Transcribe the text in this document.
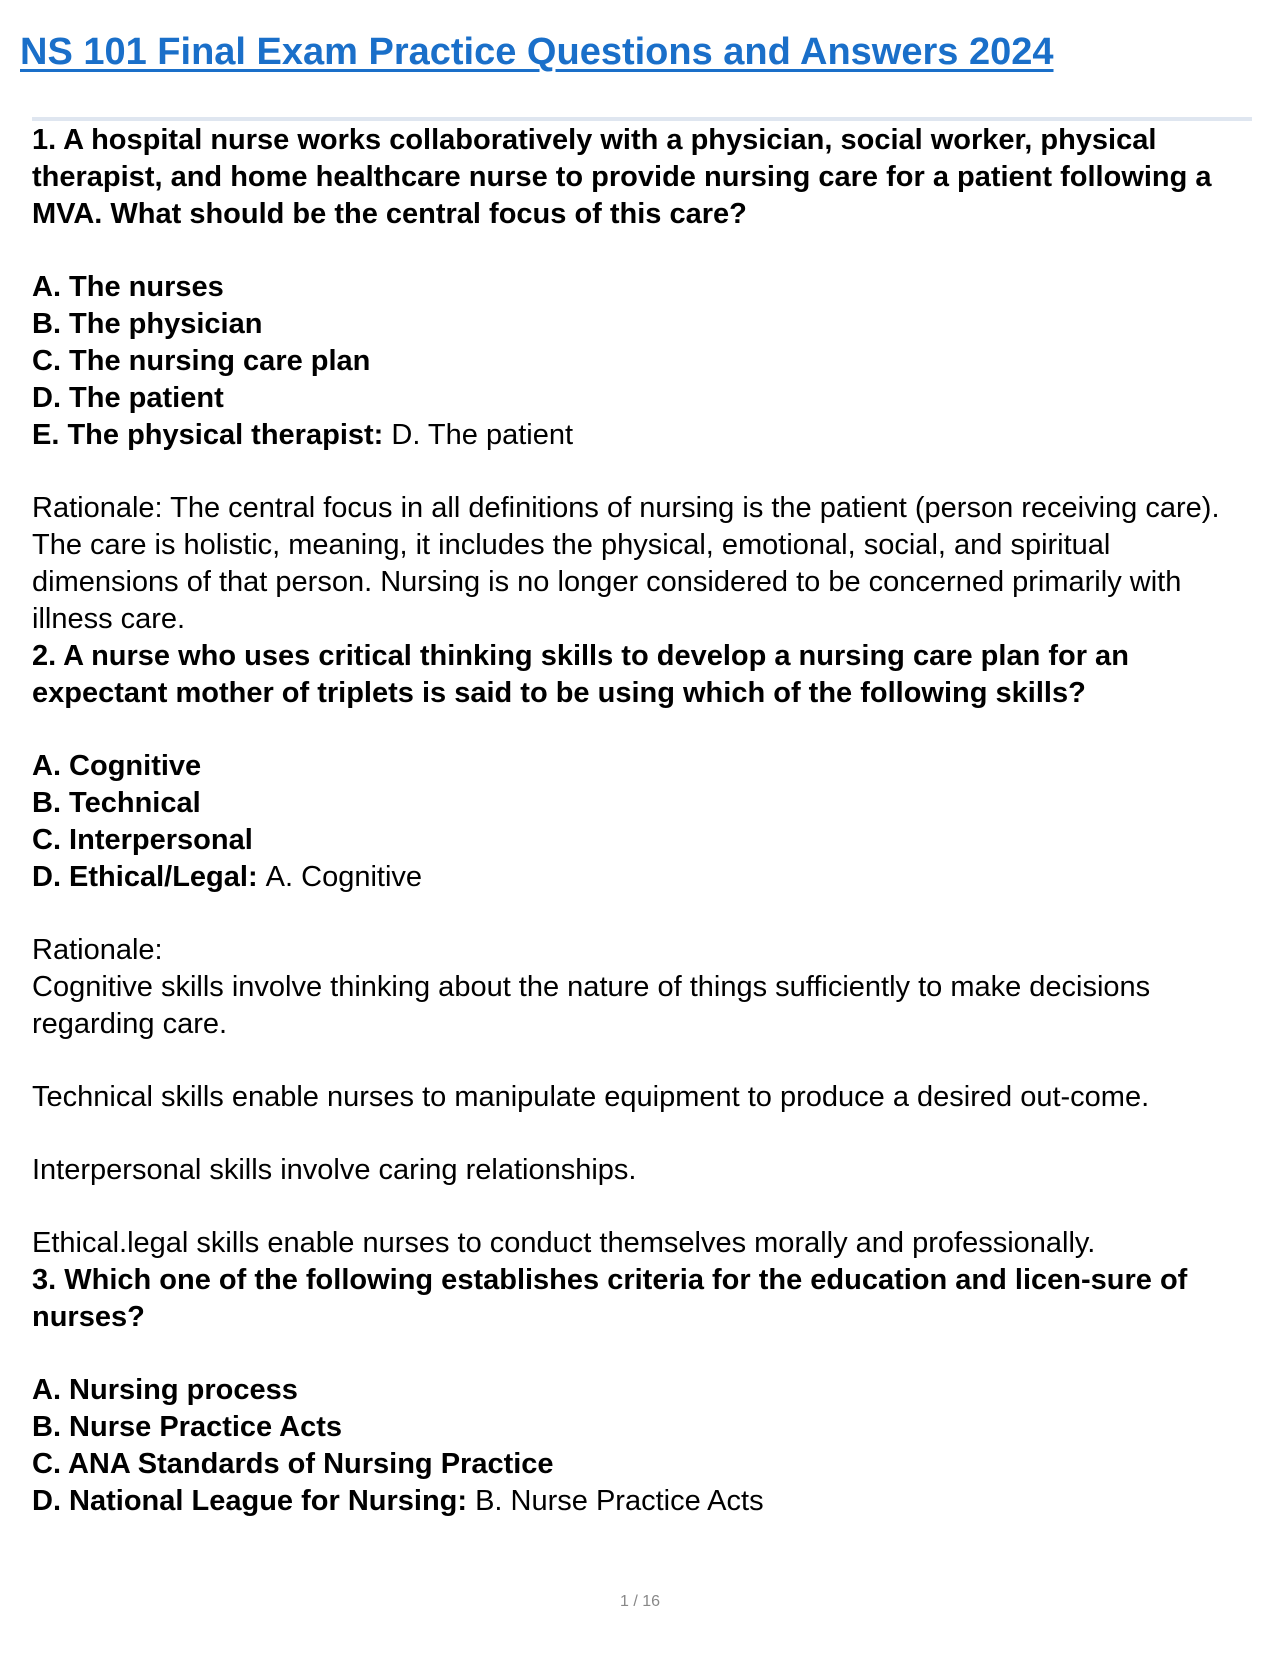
NS 101 Final Exam Practice Questions and Answers 2024

1. A hospital nurse works collaboratively with a physician, social worker, physical therapist, and home healthcare nurse to provide nursing care for a patient following a MVA. What should be the central focus of this care?

A. The nurses
B. The physician
C. The nursing care plan
D. The patient
E. The physical therapist: D. The patient

Rationale: The central focus in all definitions of nursing is the patient (person receiving care). The care is holistic, meaning, it includes the physical, emotional, social, and spiritual dimensions of that person. Nursing is no longer considered to be concerned primarily with illness care.

2. A nurse who uses critical thinking skills to develop a nursing care plan for an expectant mother of triplets is said to be using which of the following skills?

A. Cognitive
B. Technical
C. Interpersonal
D. Ethical/Legal: A. Cognitive

Rationale:

Cognitive skills involve thinking about the nature of things sufficiently to make decisions regarding care.

Technical skills enable nurses to manipulate equipment to produce a desired out-come.

Interpersonal skills involve caring relationships.

Ethical.legal skills enable nurses to conduct themselves morally and professionally.

3. Which one of the following establishes criteria for the education and licen-sure of nurses?

A. Nursing process
B. Nurse Practice Acts
C. ANA Standards of Nursing Practice
D. National League for Nursing: B. Nurse Practice Acts
1 / 16
